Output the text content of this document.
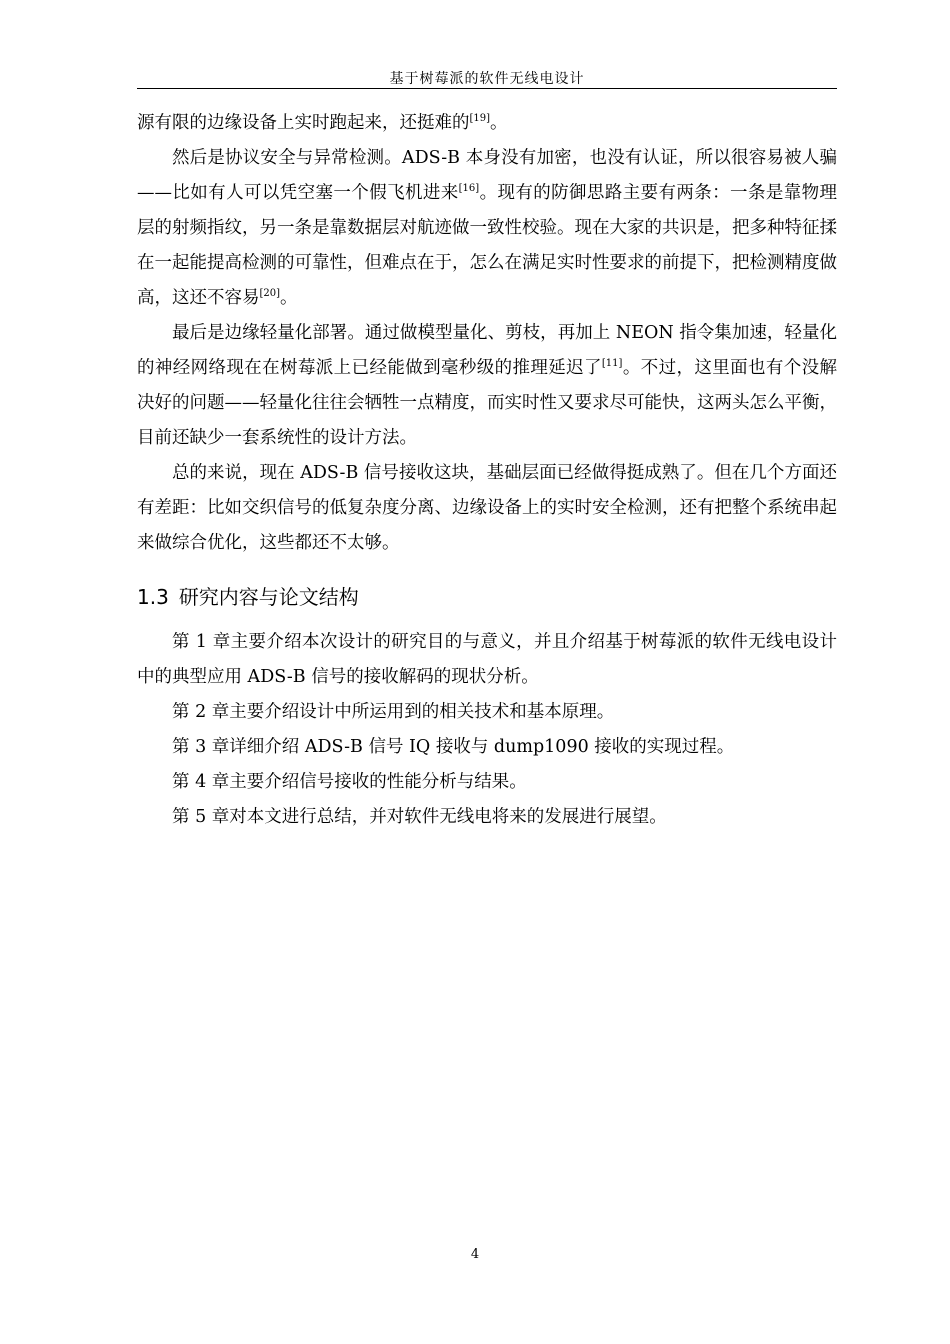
基于树莓派的软件无线电设计

源有限的边缘设备上实时跑起来，还挺难的[19]。

然后是协议安全与异常检测。ADS-B 本身没有加密，也没有认证，所以很容易被人骗——比如有人可以凭空塞一个假飞机进来[16]。现有的防御思路主要有两条：一条是靠物理层的射频指纹，另一条是靠数据层对航迹做一致性校验。现在大家的共识是，把多种特征揉在一起能提高检测的可靠性，但难点在于，怎么在满足实时性要求的前提下，把检测精度做高，这还不容易[20]。

最后是边缘轻量化部署。通过做模型量化、剪枝，再加上 NEON 指令集加速，轻量化的神经网络现在在树莓派上已经能做到毫秒级的推理延迟了[11]。不过，这里面也有个没解决好的问题——轻量化往往会牺牲一点精度，而实时性又要求尽可能快，这两头怎么平衡，目前还缺少一套系统性的设计方法。

总的来说，现在 ADS-B 信号接收这块，基础层面已经做得挺成熟了。但在几个方面还有差距：比如交织信号的低复杂度分离、边缘设备上的实时安全检测，还有把整个系统串起来做综合优化，这些都还不太够。

1.3 研究内容与论文结构

第 1 章主要介绍本次设计的研究目的与意义，并且介绍基于树莓派的软件无线电设计中的典型应用 ADS-B 信号的接收解码的现状分析。

第 2 章主要介绍设计中所运用到的相关技术和基本原理。

第 3 章详细介绍 ADS-B 信号 IQ 接收与 dump1090 接收的实现过程。

第 4 章主要介绍信号接收的性能分析与结果。

第 5 章对本文进行总结，并对软件无线电将来的发展进行展望。

4
